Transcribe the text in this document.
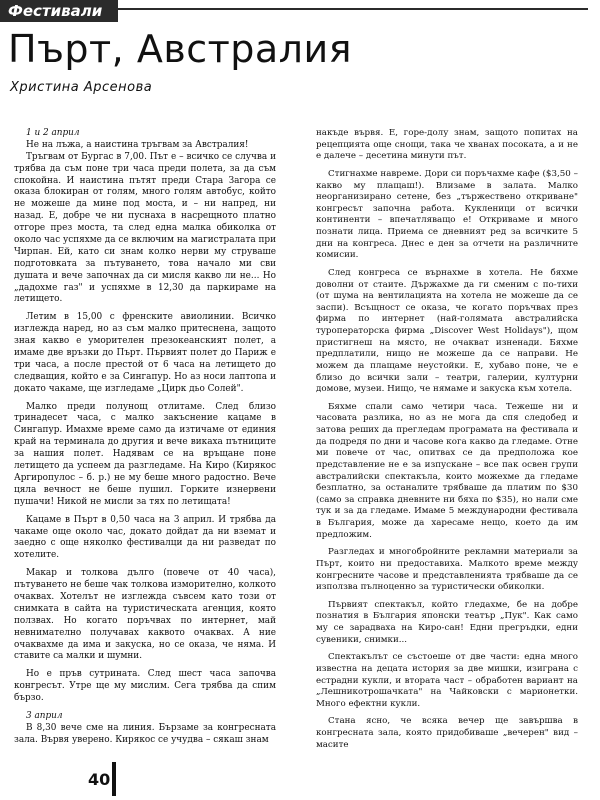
Фестивали
Пърт, Австралия
Христина Арсенова

1 и 2 април

Не на лъжа, а наистина тръгвам за Австралия!

Тръгвам от Бургас в 7,00. Път е – всичко се случва и трябва да съм поне три часа преди полета, за да съм спокойна. И наистина пътят преди Стара Загора се оказа блокиран от голям, много голям автобус, който не можеше да мине под моста, и – ни напред, ни назад. Е, добре че ни пуснаха в насрещното платно отгоре през моста, та след една малка обиколка от около час успяхме да се включим на магистралата при Чирпан. Ей, като си знам колко нерви му струваше подготовката за пътуването, това начало ми сви душата и вече започнах да си мисля какво ли не... Но „дадохме газ" и успяхме в 12,30 да паркираме на летището.

Летим в 15,00 с френските авиолинии. Всичко изглежда наред, но аз съм малко притеснена, защото зная какво е уморителен презокеанският полет, а имаме две връзки до Пърт. Първият полет до Париж е три часа, а после престой от 6 часа на летището до следващия, който е за Сингапур. Но аз носи лаптопа и докато чакаме, ще изгледаме „Цирк дьо Солей".

Малко преди полунощ отлитаме. След близо тринадесет часа, с малко закъснение кацаме в Сингапур. Имахме време само да изтичаме от единия край на терминала до другия и вече викаха пътниците за нашия полет. Надявам се на връщане поне летището да успеем да разгледаме. На Киро (Кирякос Аргиропулос – б. р.) не му беше много радостно. Вече цяла вечност не беше пушил. Горките изнервени пушачи! Никой не мисли за тях по летищата!

Кацаме в Пърт в 0,50 часа на 3 април. И трябва да чакаме още около час, докато дойдат да ни вземат и заедно с още няколко фестивалци да ни разведат по хотелите.

Макар и толкова дълго (повече от 40 часа), пътуването не беше чак толкова изморително, колкото очаквах. Хотелът не изглежда съвсем като този от снимката в сайта на туристическата агенция, която ползвах. Но когато поръчвах по интернет, май невнимателно получавах каквото очаквах. А ние очаквахме да има и закуска, но се оказа, че няма. И ставите са малки и шумни.

Но е пръв сутрината. След шест часа започва конгресът. Утре ще му мислим. Сега трябва да спим бързо.

3 април

В 8,30 вече сме на линия. Бързаме за конгресната зала. Вървя уверено. Кирякос се учудва – сякаш знам

накъде вървя. Е, горе-долу знам, защото попитах на рецепцията още снощи, така че хванах посоката, а и не е далече – десетина минути път.

Стигнахме навреме. Дори си поръчахме кафе ($3,50 – какво му плащаш!). Влизаме в залата. Малко неорганизирано сетене, без „тържествено откриване" конгресът започна работа. Кукленици от всички континенти – впечатляващо е! Откриваме и много познати лица. Приема се дневният ред за всичките 5 дни на конгреса. Днес е ден за отчети на различните комисии.

След конгреса се върнахме в хотела. Не бяхме доволни от стаите. Държахме да ги сменим с по-тихи (от шума на вентилацията на хотела не можеше да се заспи). Всъщност се оказа, че когато поръчвах през фирма по интернет (най-голямата австралийска туроператорска фирма „Discover West Holidays"), щом пристигнеш на място, не очакват изненади. Бяхме предплатили, нищо не можеше да се направи. Не можем да плащаме неустойки. Е, хубаво поне, че е близо до всички зали – театри, галерии, културни домове, музеи. Нищо, че нямаме и закуска към хотела.

Бяхме спали само четири часа. Тежеше ни и часовата разлика, но аз не мога да спя следобед и затова реших да прегледам програмата на фестивала и да подредя по дни и часове кога какво да гледаме. Отне ми повече от час, опитвах се да предположа кое представление не е за изпускане – все пак освен групи австралийски спектакъла, които можехме да гледаме безплатно, за останалите трябваше да платим по $30 (само за справка дневните ни бяха по $35), но нали сме тук и за да гледаме. Имаме 5 международни фестивала в България, може да харесаме нещо, което да им предложим.

Разгледах и многобройните рекламни материали за Пърт, които ни предоставиха. Малкото време между конгресните часове и представленията трябваше да се използва пълноценно за туристически обиколки.

Първият спектакъл, който гледахме, бе на добре познатия в България японски театър „Пук". Как само му се зарадваха на Киро-сан! Едни прегръдки, едни сувеники, снимки...

Спектакълът се състоеше от две части: една много известна на децата история за две мишки, изиграна с естрадни кукли, и втората част – обработен вариант на „Лешникотрошачката" на Чайковски с марионетки. Много ефектни кукли.

Стана ясно, че всяка вечер ще завършва в конгресната зала, която придобиваше „вечерен" вид – масите

40
